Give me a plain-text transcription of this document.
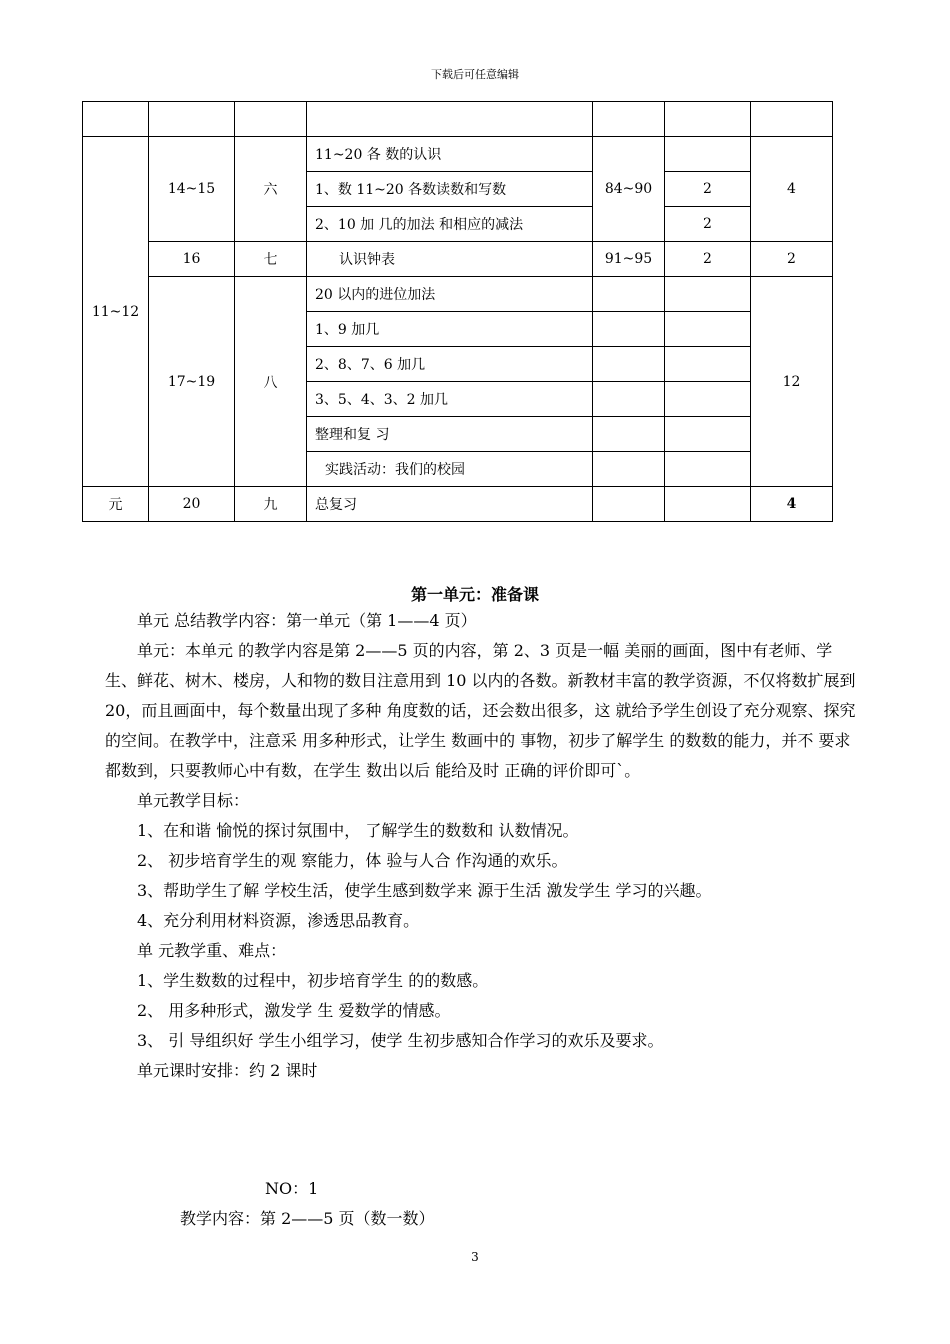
下载后可任意编辑

11~12	14~15	六	11~20 各 数的认识	84~90		4
			1、数 11~20 各数读数和写数		2	
			2、10 加 几的加法 和相应的减法		2	
	16	七	认识钟表	91~95	2	2
	17~19	八	20 以内的进位加法			12
			1、9 加几			
			2、8、7、6 加几			
			3、5、4、3、2 加几			
			整理和复 习			
			实践活动：我们的校园			
元	20	九	总复习			4
第一单元：准备课

单元 总结教学内容：第一单元（第 1——4 页）

单元：本单元 的教学内容是第 2——5 页的内容，第 2、3 页是一幅 美丽的画面，图中有老师、学生、鲜花、树木、楼房，人和物的数目注意用到 10 以内的各数。新教材丰富的教学资源，不仅将数扩展到 20，而且画面中，每个数量出现了多种 角度数的话，还会数出很多，这 就给予学生创设了充分观察、探究的空间。在教学中，注意采 用多种形式，让学生 数画中的 事物，初步了解学生 的数数的能力，并不 要求都数到，只要教师心中有数，在学生 数出以后 能给及时 正确的评价即可`。

单元教学目标：

1、在和谐 愉悦的探讨氛围中， 了解学生的数数和 认数情况。

2、 初步培育学生的观 察能力，体 验与人合 作沟通的欢乐。

3、帮助学生了解 学校生活，使学生感到数学来 源于生活 激发学生 学习的兴趣。

4、充分利用材料资源，渗透思品教育。

单 元教学重、难点：

1、学生数数的过程中，初步培育学生 的的数感。

2、 用多种形式，激发学 生 爱数学的情感。

3、 引 导组织好 学生小组学习，使学 生初步感知合作学习的欢乐及要求。

单元课时安排：约 2 课时

NO：1
教学内容：第 2——5 页（数一数）
3
